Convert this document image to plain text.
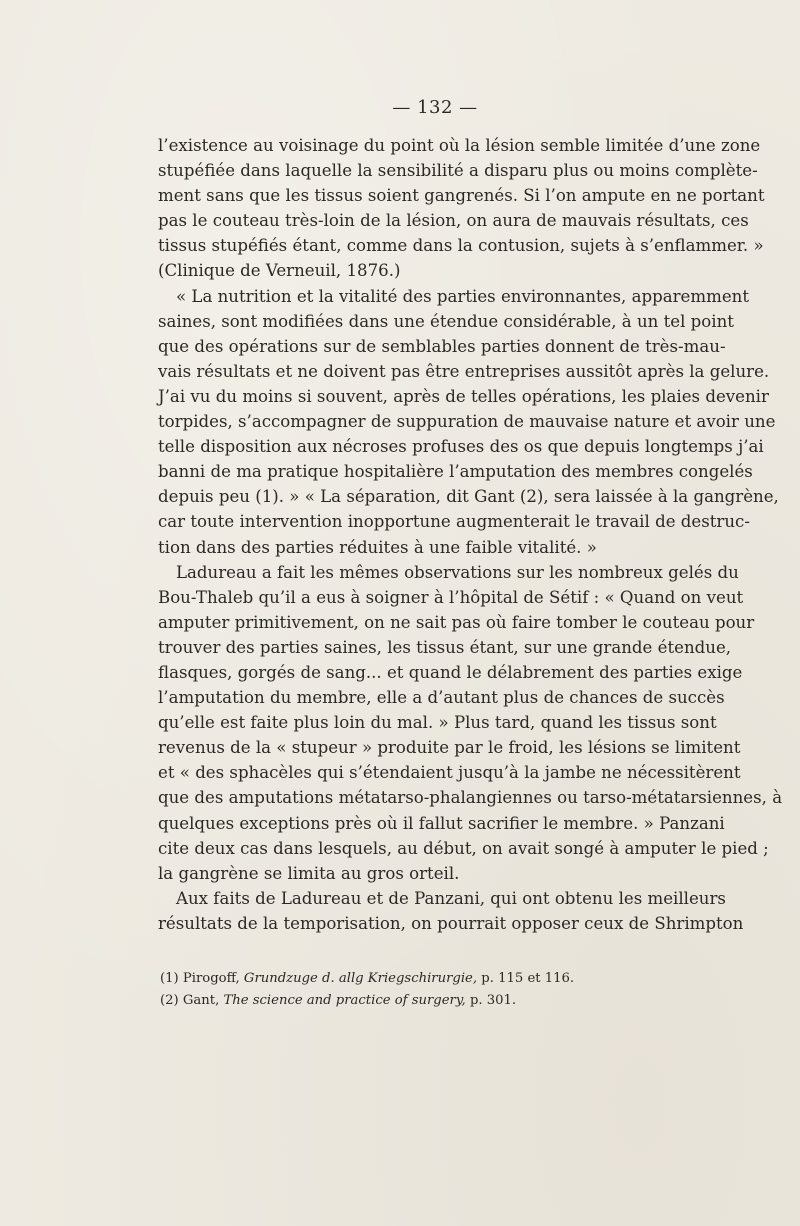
— 132 —
l’existence au voisinage du point où la lésion semble limitée d’une zone
stupéfiée dans laquelle la sensibilité a disparu plus ou moins complète-
ment sans que les tissus soient gangrenés. Si l’on ampute en ne portant
pas le couteau très-loin de la lésion, on aura de mauvais résultats, ces
tissus stupéfiés étant, comme dans la contusion, sujets à s’enflammer. »
(Clinique de Verneuil, 1876.)
« La nutrition et la vitalité des parties environnantes, apparemment
saines, sont modifiées dans une étendue considérable, à un tel point
que des opérations sur de semblables parties donnent de très-mau-
vais résultats et ne doivent pas être entreprises aussitôt après la gelure.
J’ai vu du moins si souvent, après de telles opérations, les plaies devenir
torpides, s’accompagner de suppuration de mauvaise nature et avoir une
telle disposition aux nécroses profuses des os que depuis longtemps j’ai
banni de ma pratique hospitalière l’amputation des membres congelés
depuis peu (1). » « La séparation, dit Gant (2), sera laissée à la gangrène,
car toute intervention inopportune augmenterait le travail de destruc-
tion dans des parties réduites à une faible vitalité. »
Ladureau a fait les mêmes observations sur les nombreux gelés du
Bou-Thaleb qu’il a eus à soigner à l’hôpital de Sétif : « Quand on veut
amputer primitivement, on ne sait pas où faire tomber le couteau pour
trouver des parties saines, les tissus étant, sur une grande étendue,
flasques, gorgés de sang... et quand le délabrement des parties exige
l’amputation du membre, elle a d’autant plus de chances de succès
qu’elle est faite plus loin du mal. » Plus tard, quand les tissus sont
revenus de la « stupeur » produite par le froid, les lésions se limitent
et « des sphacèles qui s’étendaient jusqu’à la jambe ne nécessitèrent
que des amputations métatarso-phalangiennes ou tarso-métatarsiennes, à
quelques exceptions près où il fallut sacrifier le membre. » Panzani
cite deux cas dans lesquels, au début, on avait songé à amputer le pied ;
la gangrène se limita au gros orteil.
Aux faits de Ladureau et de Panzani, qui ont obtenu les meilleurs
résultats de la temporisation, on pourrait opposer ceux de Shrimpton
(1) Pirogoff, Grundzuge d. allg Kriegschirurgie, p. 115 et 116.
(2) Gant, The science and practice of surgery, p. 301.
